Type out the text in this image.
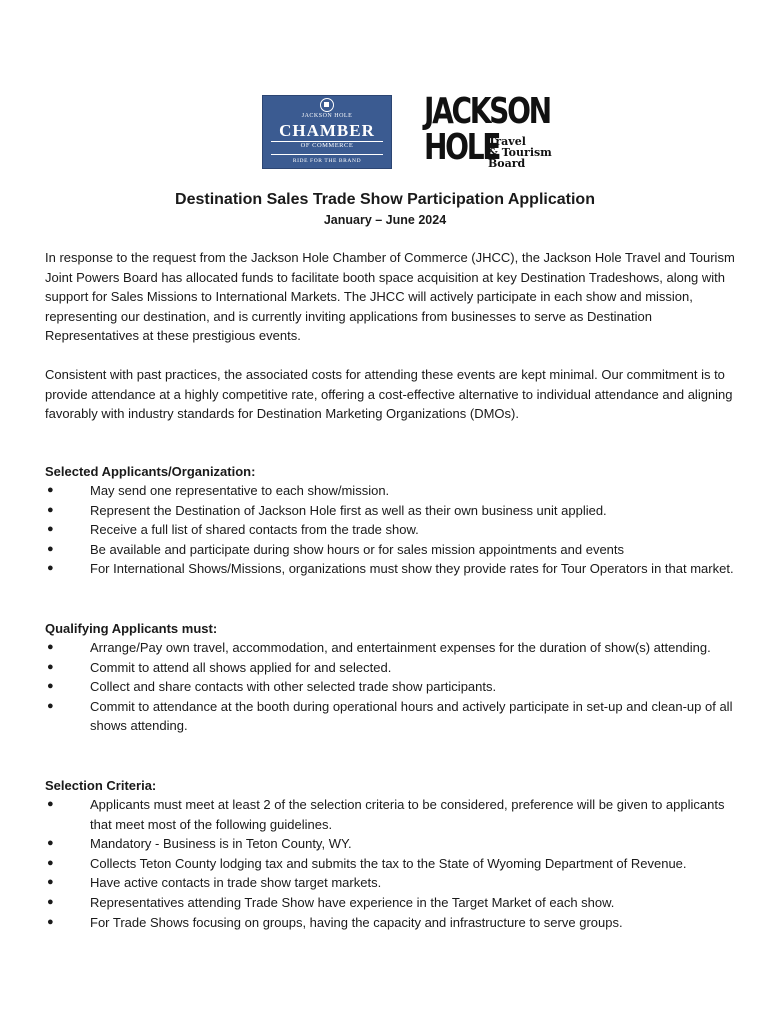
JACKSON HOLE
CHAMBER
OF COMMERCE
RIDE FOR THE BRAND
JACKSON
HOLE
Travel
& Tourism
Board
Destination Sales Trade Show Participation Application

January – June 2024

In response to the request from the Jackson Hole Chamber of Commerce (JHCC), the Jackson Hole Travel and Tourism Joint Powers Board has allocated funds to facilitate booth space acquisition at key Destination Tradeshows, along with support for Sales Missions to International Markets. The JHCC will actively participate in each show and mission, representing our destination, and is currently inviting applications from businesses to serve as Destination Representatives at these prestigious events.

Consistent with past practices, the associated costs for attending these events are kept minimal. Our commitment is to provide attendance at a highly competitive rate, offering a cost-effective alternative to individual attendance and aligning favorably with industry standards for Destination Marketing Organizations (DMOs).

Selected Applicants/Organization:

●	May send one representative to each show/mission.
●	Represent the Destination of Jackson Hole first as well as their own business unit applied.
●	Receive a full list of shared contacts from the trade show.
●	Be available and participate during show hours or for sales mission appointments and events
●	For International Shows/Missions, organizations must show they provide rates for Tour Operators in that market.

Qualifying Applicants must:

●	Arrange/Pay own travel, accommodation, and entertainment expenses for the duration of show(s) attending.
●	Commit to attend all shows applied for and selected.
●	Collect and share contacts with other selected trade show participants.
●	Commit to attendance at the booth during operational hours and actively participate in set-up and clean-up of all shows attending.

Selection Criteria:

●	Applicants must meet at least 2 of the selection criteria to be considered, preference will be given to applicants that meet most of the following guidelines.
●	Mandatory - Business is in Teton County, WY.
●	Collects Teton County lodging tax and submits the tax to the State of Wyoming Department of Revenue.
●	Have active contacts in trade show target markets.
●	Representatives attending Trade Show have experience in the Target Market of each show.
●	For Trade Shows focusing on groups, having the capacity and infrastructure to serve groups.
